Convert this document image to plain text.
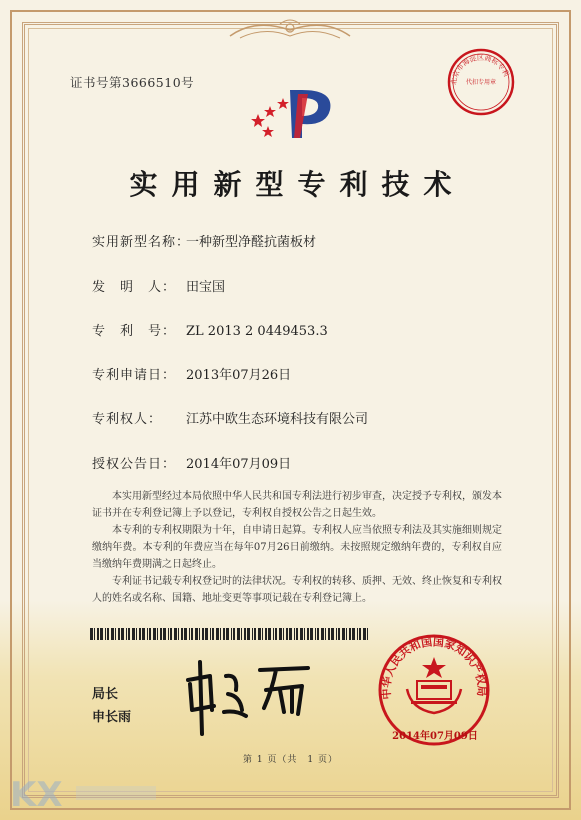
证书号第3666510号	北京市海淀区商标专利
代扣专用章
实用新型专利技术
实用新型名称：一种新型净醛抗菌板材
发　明　人： 田宝国
专　利　号： ZL 2013 2 0449453.3
专利申请日： 2013年07月26日
专利权人： 江苏中欧生态环境科技有限公司
授权公告日： 2014年07月09日

本实用新型经过本局依照中华人民共和国专利法进行初步审查，决定授予专利权，颁发本证书并在专利登记簿上予以登记，专利权自授权公告之日起生效。

本专利的专利权期限为十年，自申请日起算。专利权人应当依照专利法及其实施细则规定缴纳年费。本专利的年费应当在每年07月26日前缴纳。未按照规定缴纳年费的，专利权自应当缴纳年费期满之日起终止。

专利证书记载专利权登记时的法律状况。专利权的转移、质押、无效、终止恢复和专利权人的姓名或名称、国籍、地址变更等事项记载在专利登记簿上。

局长
申长雨
中华人民共和国国家知识产权局
2014年07月09日
第 1 页（共　1 页）
KX
